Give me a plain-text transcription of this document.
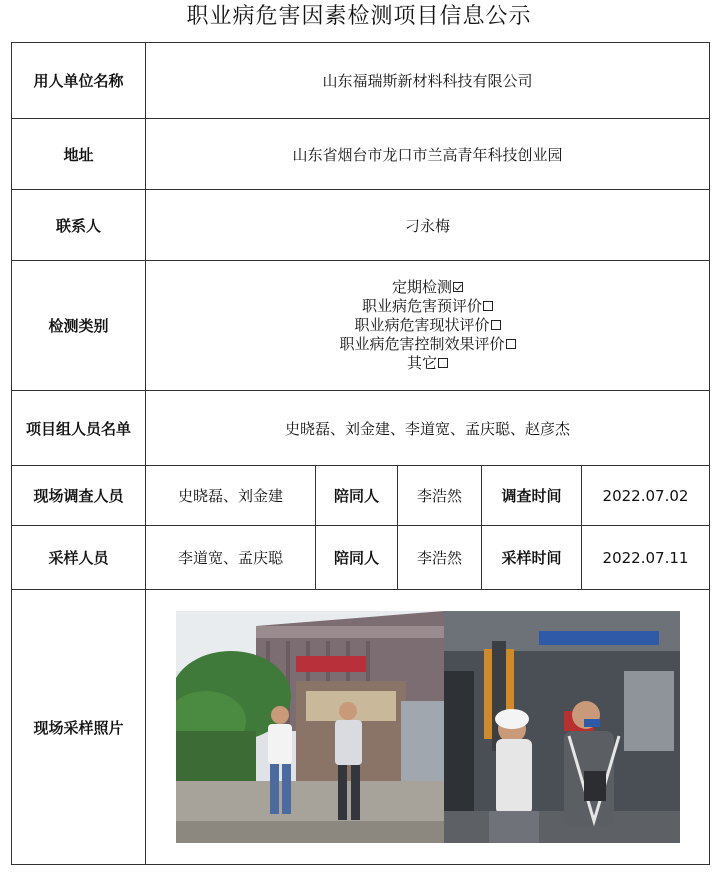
职业病危害因素检测项目信息公示
用人单位名称	山东福瑞斯新材料科技有限公司				
地址	山东省烟台市龙口市兰高青年科技创业园				
联系人	刁永梅				
检测类别	定期检测
职业病危害预评价
职业病危害现状评价
职业病危害控制效果评价
其它				

项目组人员名单	史晓磊、刘金建、李道宽、孟庆聪、赵彦杰				
现场调查人员	史晓磊、刘金建	陪同人	李浩然	调查时间	2022.07.02
采样人员	李道宽、孟庆聪	陪同人	李浩然	采样时间	2022.07.11
现场采样照片	
